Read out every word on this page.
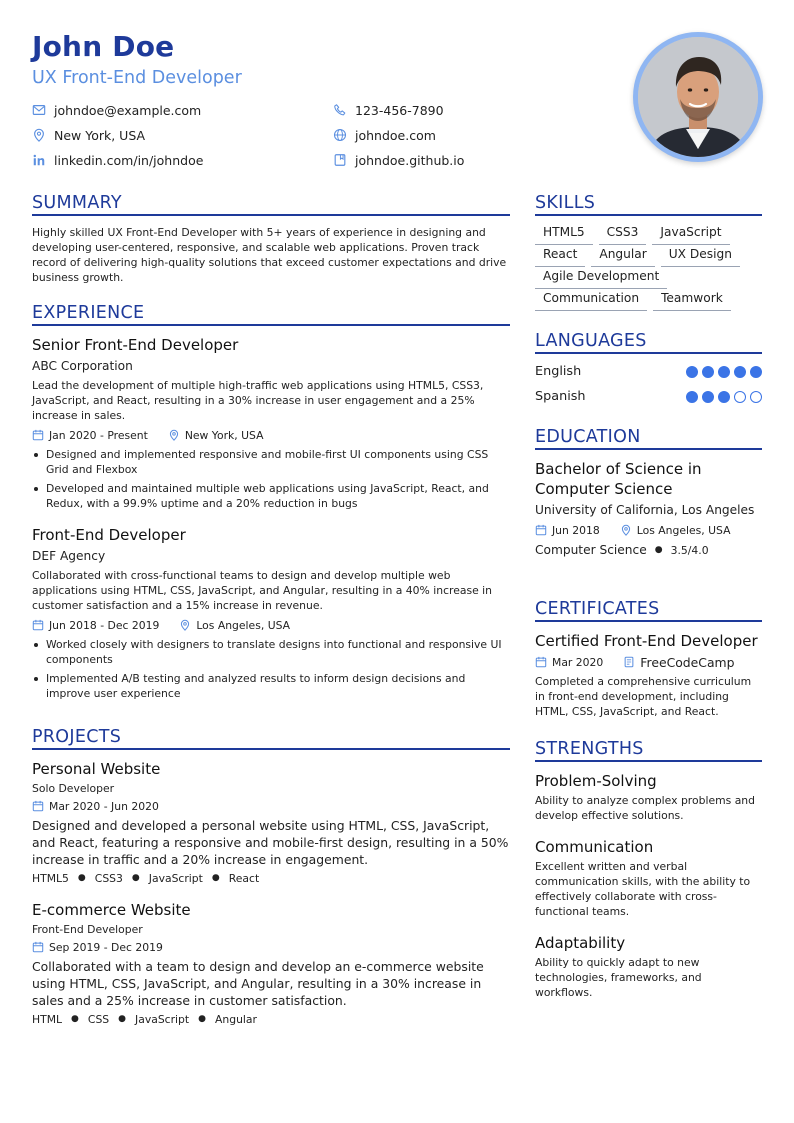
John Doe
UX Front-End Developer
johndoe@example.com	123-456-7890
New York, USA	johndoe.com
linkedin.com/in/johndoe	johndoe.github.io
SUMMARY
Highly skilled UX Front-End Developer with 5+ years of experience in designing and developing user-centered, responsive, and scalable web applications. Proven track record of delivering high-quality solutions that exceed customer expectations and drive business growth.
EXPERIENCE
Senior Front-End Developer
ABC Corporation
Lead the development of multiple high-traffic web applications using HTML5, CSS3, JavaScript, and React, resulting in a 30% increase in user engagement and a 25% increase in sales.
Jan 2020 - Present	New York, USA
Designed and implemented responsive and mobile-first UI components using CSS Grid and Flexbox
Developed and maintained multiple web applications using JavaScript, React, and Redux, with a 99.9% uptime and a 20% reduction in bugs
Front-End Developer
DEF Agency
Collaborated with cross-functional teams to design and develop multiple web applications using HTML, CSS, JavaScript, and Angular, resulting in a 40% increase in customer satisfaction and a 15% increase in revenue.
Jun 2018 - Dec 2019	Los Angeles, USA
Worked closely with designers to translate designs into functional and responsive UI components
Implemented A/B testing and analyzed results to inform design decisions and improve user experience
PROJECTS
Personal Website
Solo Developer
Mar 2020 - Jun 2020
Designed and developed a personal website using HTML, CSS, JavaScript, and React, featuring a responsive and mobile-first design, resulting in a 50% increase in traffic and a 20% increase in engagement.
HTML5 ● CSS3 ● JavaScript ● React
E-commerce Website
Front-End Developer
Sep 2019 - Dec 2019
Collaborated with a team to design and develop an e-commerce website using HTML, CSS, JavaScript, and Angular, resulting in a 30% increase in sales and a 25% increase in customer satisfaction.
HTML ● CSS ● JavaScript ● Angular
SKILLS
HTML5	CSS3	JavaScript
React	Angular	UX Design
Agile Development
Communication	Teamwork
LANGUAGES
English
Spanish
EDUCATION
Bachelor of Science in Computer Science
University of California, Los Angeles
Jun 2018	Los Angeles, USA
Computer Science ● 3.5/4.0
CERTIFICATES
Certified Front-End Developer
Mar 2020	FreeCodeCamp
Completed a comprehensive curriculum in front-end development, including HTML, CSS, JavaScript, and React.
STRENGTHS
Problem-Solving
Ability to analyze complex problems and develop effective solutions.
Communication
Excellent written and verbal communication skills, with the ability to effectively collaborate with cross-functional teams.
Adaptability
Ability to quickly adapt to new technologies, frameworks, and workflows.
